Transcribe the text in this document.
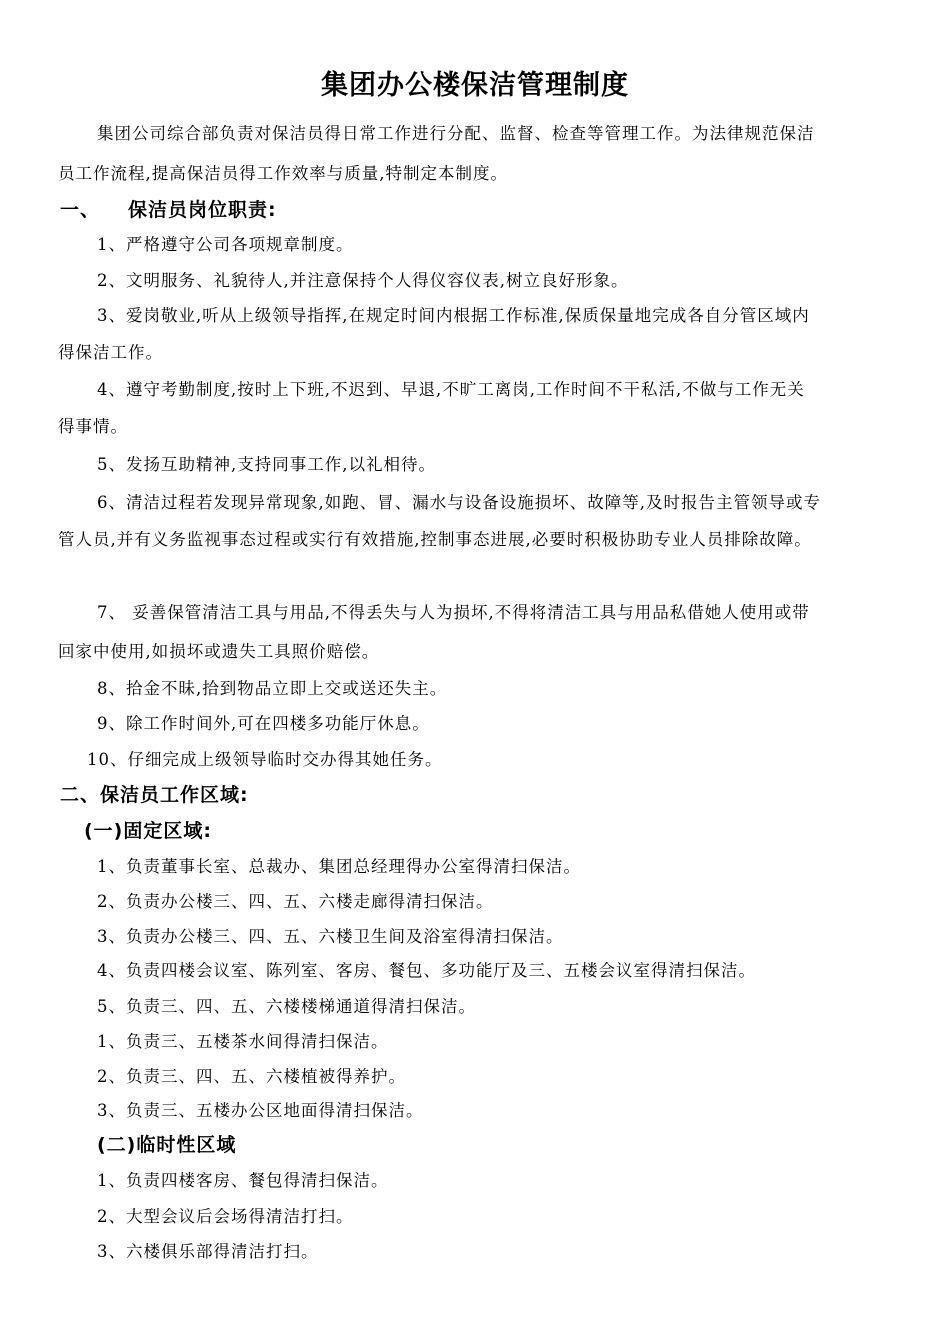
集团办公楼保洁管理制度
集团公司综合部负责对保洁员得日常工作进行分配、监督、检查等管理工作。为法律规范保洁
员工作流程,提高保洁员得工作效率与质量,特制定本制度。
一、 保洁员岗位职责:
1、严格遵守公司各项规章制度。
2、文明服务、礼貌待人,并注意保持个人得仪容仪表,树立良好形象。
3、爱岗敬业,听从上级领导指挥,在规定时间内根据工作标准,保质保量地完成各自分管区域内
得保洁工作。
4、遵守考勤制度,按时上下班,不迟到、早退,不旷工离岗,工作时间不干私活,不做与工作无关
得事情。
5、发扬互助精神,支持同事工作,以礼相待。
6、清洁过程若发现异常现象,如跑、冒、漏水与设备设施损坏、故障等,及时报告主管领导或专
管人员,并有义务监视事态过程或实行有效措施,控制事态进展,必要时积极协助专业人员排除故障。
7、 妥善保管清洁工具与用品,不得丢失与人为损坏,不得将清洁工具与用品私借她人使用或带
回家中使用,如损坏或遗失工具照价赔偿。
8、拾金不昧,拾到物品立即上交或送还失主。
9、除工作时间外,可在四楼多功能厅休息。
10、仔细完成上级领导临时交办得其她任务。
二、保洁员工作区域:
(一)固定区域:
1、负责董事长室、总裁办、集团总经理得办公室得清扫保洁。
2、负责办公楼三、四、五、六楼走廊得清扫保洁。
3、负责办公楼三、四、五、六楼卫生间及浴室得清扫保洁。
4、负责四楼会议室、陈列室、客房、餐包、多功能厅及三、五楼会议室得清扫保洁。
5、负责三、四、五、六楼楼梯通道得清扫保洁。
1、负责三、五楼茶水间得清扫保洁。
2、负责三、四、五、六楼植被得养护。
3、负责三、五楼办公区地面得清扫保洁。
(二)临时性区域
1、负责四楼客房、餐包得清扫保洁。
2、大型会议后会场得清洁打扫。
3、六楼俱乐部得清洁打扫。
